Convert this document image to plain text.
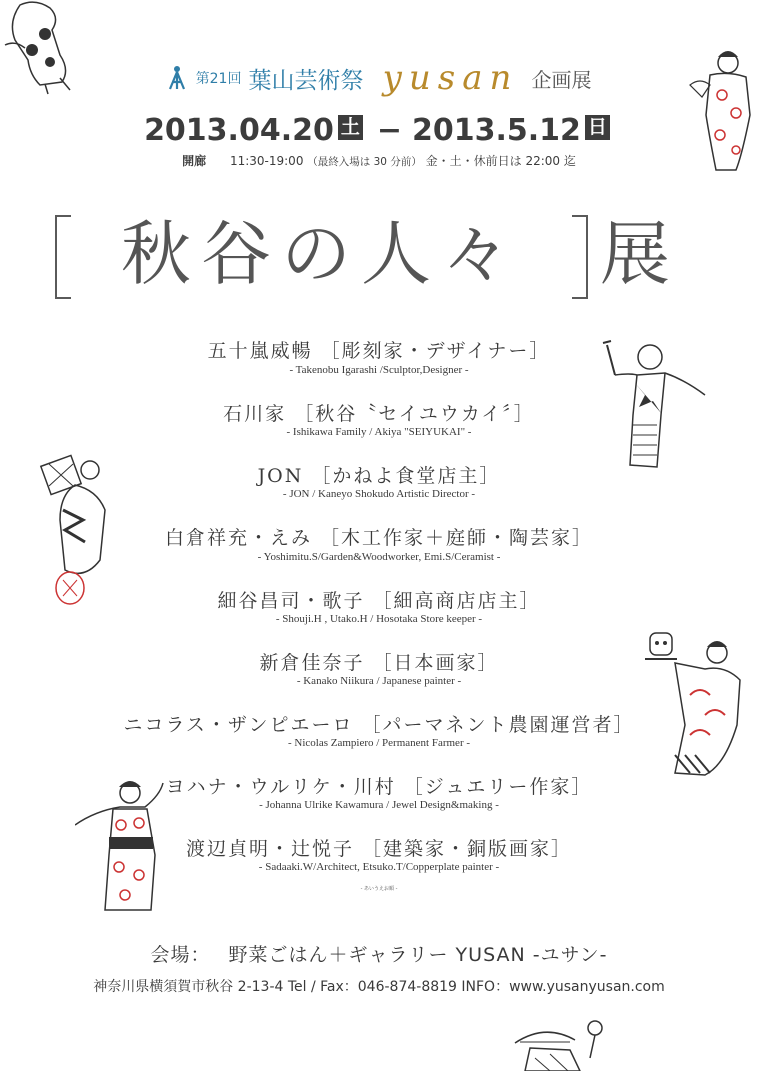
第21回 葉山芸術祭 yusan 企画展
2013.04.20 土 − 2013.5.12 日
開廊 11:30-19:00 （最終入場は 30 分前） 金・土・休前日は 22:00 迄
秋谷の人々	展
五十嵐威暢 ［彫刻家・デザイナー］
- Takenobu Igarashi /Sculptor,Designer -
石川家 ［秋谷〝セイユウカイ〞］
- Ishikawa Family / Akiya "SEIYUKAI" -
JON ［かねよ食堂店主］
- JON / Kaneyo Shokudo Artistic Director -
白倉祥充・えみ ［木工作家＋庭師・陶芸家］
- Yoshimitu.S/Garden&Woodworker, Emi.S/Ceramist -
細谷昌司・歌子 ［細高商店店主］
- Shouji.H , Utako.H / Hosotaka Store keeper -
新倉佳奈子 ［日本画家］
- Kanako Niikura / Japanese painter -
ニコラス・ザンピエーロ ［パーマネント農園運営者］
- Nicolas Zampiero / Permanent Farmer -
ヨハナ・ウルリケ・川村 ［ジュエリー作家］
- Johanna Ulrike Kawamura / Jewel Design&making -
渡辺貞明・辻悦子 ［建築家・銅版画家］
- Sadaaki.W/Architect, Etsuko.T/Copperplate painter -
- あいうえお順 -
会場： 野菜ごはん＋ギャラリー YUSAN -ユサン-
神奈川県横須賀市秋谷 2-13-4 Tel / Fax：046-874-8819 INFO：www.yusanyusan.com
